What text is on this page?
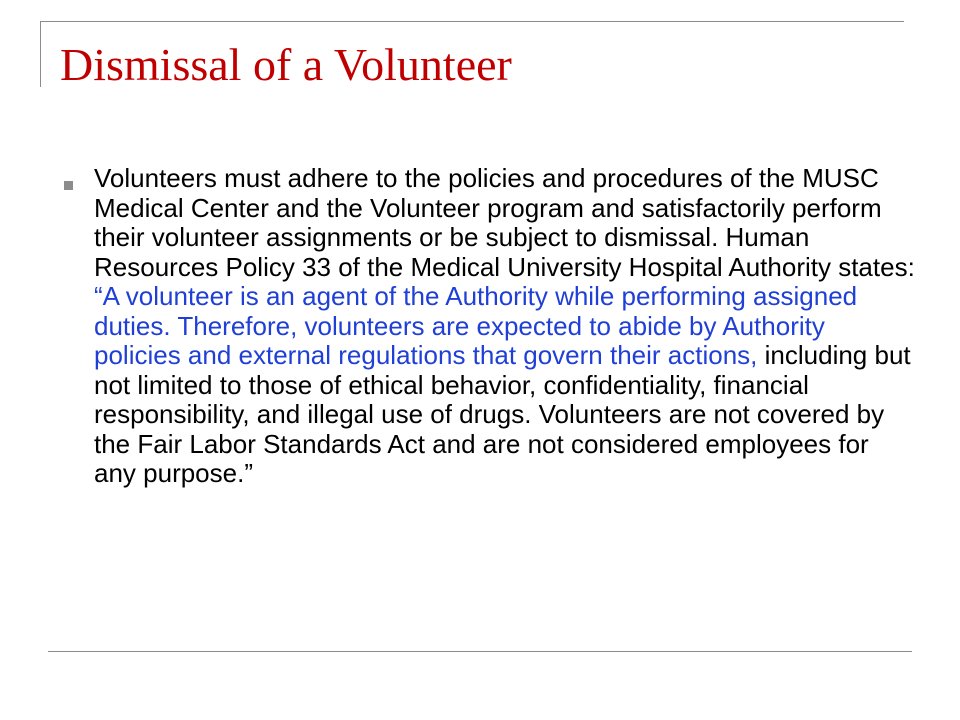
Dismissal of a Volunteer
Volunteers must adhere to the policies and procedures of the MUSC Medical Center and the Volunteer program and satisfactorily perform their volunteer assignments or be subject to dismissal. Human Resources Policy 33 of the Medical University Hospital Authority states: “A volunteer is an agent of the Authority while performing assigned duties. Therefore, volunteers are expected to abide by Authority policies and external regulations that govern their actions, including but not limited to those of ethical behavior, confidentiality, financial responsibility, and illegal use of drugs. Volunteers are not covered by the Fair Labor Standards Act and are not considered employees for any purpose.”
